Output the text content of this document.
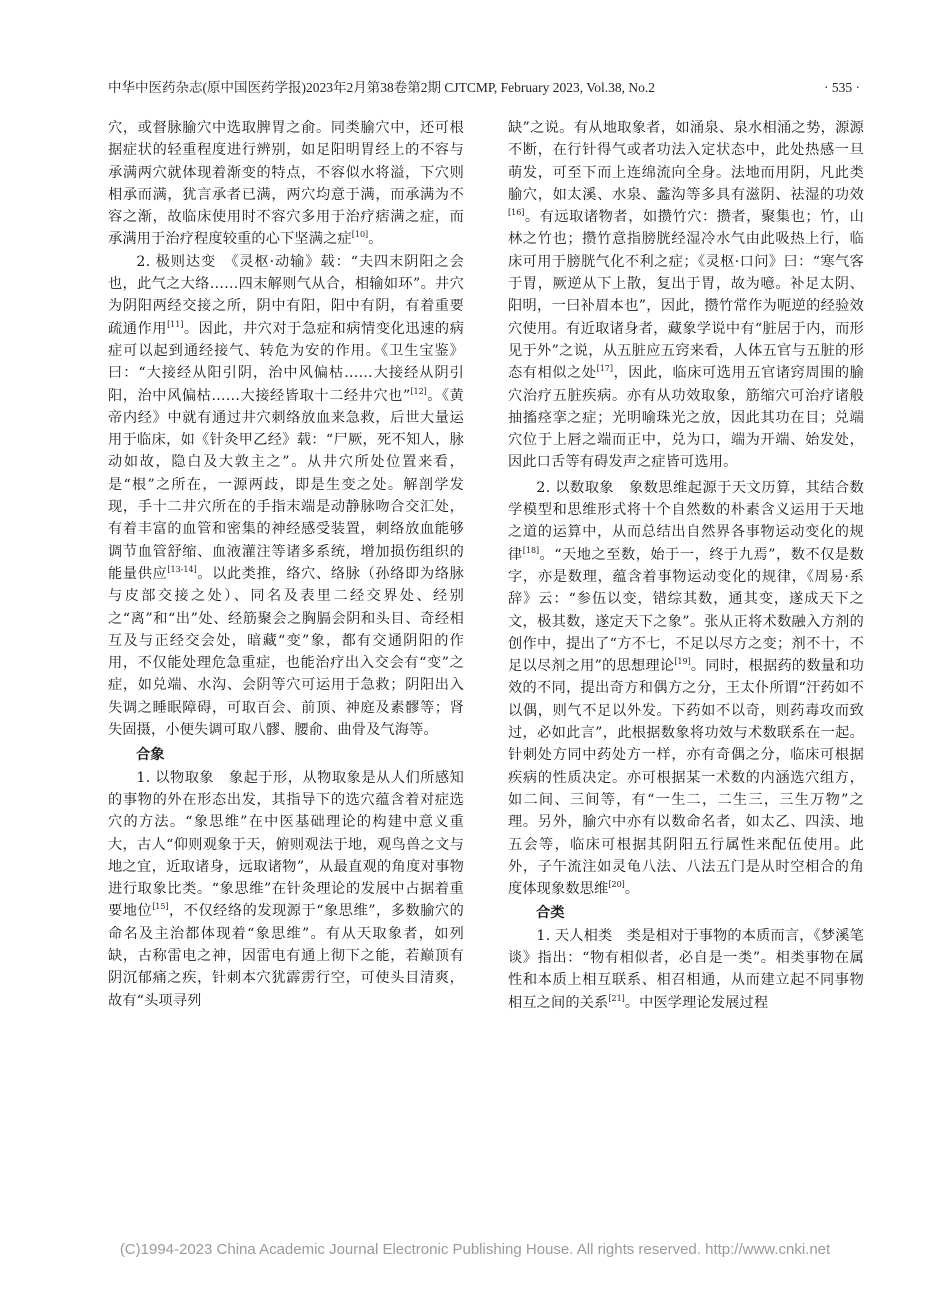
中华中医药杂志(原中国医药学报)2023年2月第38卷第2期 CJTCMP, February 2023, Vol.38, No.2	· 535 ·

穴，或督脉腧穴中选取脾胃之俞。同类腧穴中，还可根据症状的轻重程度进行辨别，如足阳明胃经上的不容与承满两穴就体现着渐变的特点，不容似水将溢，下穴则相承而满，犹言承者已满，两穴均意于满，而承满为不容之渐，故临床使用时不容穴多用于治疗痞满之症，而承满用于治疗程度较重的心下坚满之症[10]。

2. 极则达变　《灵枢·动输》载：“夫四末阴阳之会也，此气之大络……四末解则气从合，相输如环”。井穴为阴阳两经交接之所，阴中有阳，阳中有阴，有着重要疏通作用[11]。因此，井穴对于急症和病情变化迅速的病症可以起到通经接气、转危为安的作用。《卫生宝鉴》曰：“大接经从阳引阴，治中风偏枯……大接经从阴引阳，治中风偏枯……大接经皆取十二经井穴也”[12]。《黄帝内经》中就有通过井穴刺络放血来急救，后世大量运用于临床，如《针灸甲乙经》载：“尸厥，死不知人，脉动如故，隐白及大敦主之”。从井穴所处位置来看，是“根”之所在，一源两歧，即是生变之处。解剖学发现，手十二井穴所在的手指末端是动静脉吻合交汇处，有着丰富的血管和密集的神经感受装置，刺络放血能够调节血管舒缩、血液灌注等诸多系统，增加损伤组织的能量供应[13-14]。以此类推，络穴、络脉（孙络即为络脉与皮部交接之处）、同名及表里二经交界处、经别之“离”和“出”处、经筋聚会之胸膈会阴和头目、奇经相互及与正经交会处，暗藏“变”象，都有交通阴阳的作用，不仅能处理危急重症，也能治疗出入交会有“变”之症，如兑端、水沟、会阴等穴可运用于急救；阴阳出入失调之睡眠障碍，可取百会、前顶、神庭及素髎等；肾失固摄，小便失调可取八髎、腰俞、曲骨及气海等。

合象

1. 以物取象　象起于形，从物取象是从人们所感知的事物的外在形态出发，其指导下的选穴蕴含着对症选穴的方法。“象思维”在中医基础理论的构建中意义重大，古人“仰则观象于天，俯则观法于地，观鸟兽之文与地之宜，近取诸身，远取诸物”，从最直观的角度对事物进行取象比类。“象思维”在针灸理论的发展中占据着重要地位[15]，不仅经络的发现源于“象思维”，多数腧穴的命名及主治都体现着“象思维”。有从天取象者，如列缺，古称雷电之神，因雷电有通上彻下之能，若巅顶有阴沉郁痛之疾，针刺本穴犹霹雳行空，可使头目清爽，故有“头项寻列

缺”之说。有从地取象者，如涌泉、泉水相涌之势，源源不断，在行针得气或者功法入定状态中，此处热感一旦萌发，可至下而上连绵流向全身。法地而用阴，凡此类腧穴，如太溪、水泉、蠡沟等多具有滋阴、祛湿的功效[16]。有远取诸物者，如攒竹穴：攒者，聚集也；竹，山林之竹也；攒竹意指膀胱经湿冷水气由此吸热上行，临床可用于膀胱气化不利之症；《灵枢·口问》曰：“寒气客于胃，厥逆从下上散，复出于胃，故为噫。补足太阴、阳明，一曰补眉本也”，因此，攒竹常作为呃逆的经验效穴使用。有近取诸身者，藏象学说中有“脏居于内，而形见于外”之说，从五脏应五窍来看，人体五官与五脏的形态有相似之处[17]，因此，临床可选用五官诸窍周围的腧穴治疗五脏疾病。亦有从功效取象，筋缩穴可治疗诸般抽搐痉挛之症；光明喻珠光之放，因此其功在目；兑端穴位于上唇之端而正中，兑为口，端为开端、始发处，因此口舌等有碍发声之症皆可选用。

2. 以数取象　象数思维起源于天文历算，其结合数学模型和思维形式将十个自然数的朴素含义运用于天地之道的运算中，从而总结出自然界各事物运动变化的规律[18]。“天地之至数，始于一，终于九焉”，数不仅是数字，亦是数理，蕴含着事物运动变化的规律，《周易·系辞》云：“参伍以变，错综其数，通其变，遂成天下之文，极其数，遂定天下之象”。张从正将术数融入方剂的创作中，提出了“方不七，不足以尽方之变；剂不十，不足以尽剂之用”的思想理论[19]。同时，根据药的数量和功效的不同，提出奇方和偶方之分，王太仆所谓“汗药如不以偶，则气不足以外发。下药如不以奇，则药毒攻而致过，必如此言”，此根据数象将功效与术数联系在一起。针刺处方同中药处方一样，亦有奇偶之分，临床可根据疾病的性质决定。亦可根据某一术数的内涵选穴组方，如二间、三间等，有“一生二，二生三，三生万物”之理。另外，腧穴中亦有以数命名者，如太乙、四渎、地五会等，临床可根据其阴阳五行属性来配伍使用。此外，子午流注如灵龟八法、八法五门是从时空相合的角度体现象数思维[20]。

合类

1. 天人相类　类是相对于事物的本质而言，《梦溪笔谈》指出：“物有相似者，必自是一类”。相类事物在属性和本质上相互联系、相召相通，从而建立起不同事物相互之间的关系[21]。中医学理论发展过程

(C)1994-2023 China Academic Journal Electronic Publishing House. All rights reserved. http://www.cnki.net
